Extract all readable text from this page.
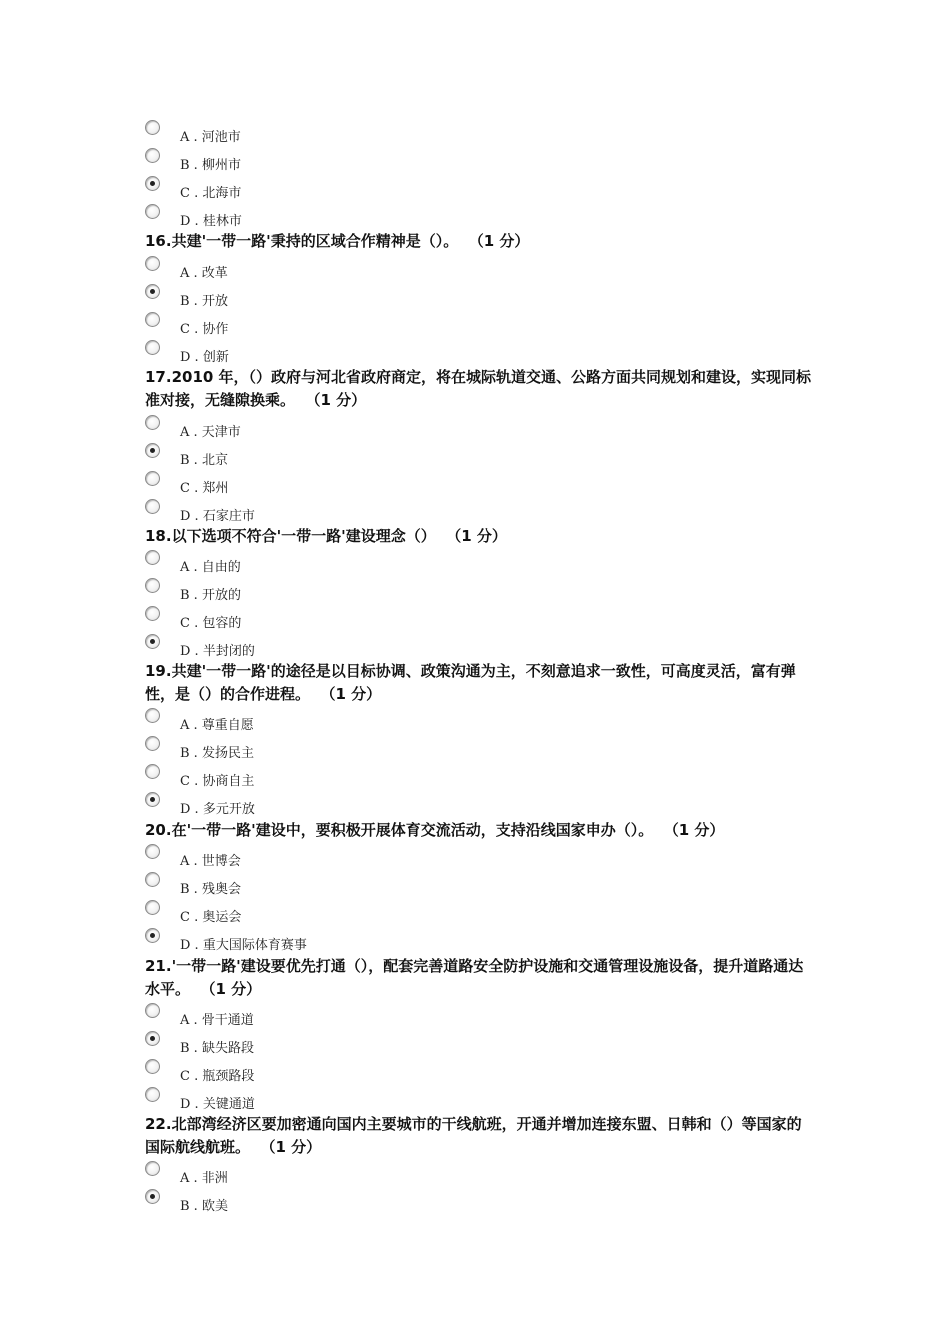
A . 河池市
B . 柳州市
C . 北海市
D . 桂林市
16.共建'一带一路'秉持的区域合作精神是（）。  （1 分）
A . 改革
B . 开放
C . 协作
D . 创新
17.2010 年，（）政府与河北省政府商定，将在城际轨道交通、公路方面共同规划和建设，实现同标准对接，无缝隙换乘。  （1 分）
A . 天津市
B . 北京
C . 郑州
D . 石家庄市
18.以下选项不符合'一带一路'建设理念（）  （1 分）
A . 自由的
B . 开放的
C . 包容的
D . 半封闭的
19.共建'一带一路'的途径是以目标协调、政策沟通为主，不刻意追求一致性，可高度灵活，富有弹性，是（）的合作进程。  （1 分）
A . 尊重自愿
B . 发扬民主
C . 协商自主
D . 多元开放
20.在'一带一路'建设中，要积极开展体育交流活动，支持沿线国家申办（）。  （1 分）
A . 世博会
B . 残奥会
C . 奥运会
D . 重大国际体育赛事
21.'一带一路'建设要优先打通（），配套完善道路安全防护设施和交通管理设施设备，提升道路通达水平。  （1 分）
A . 骨干通道
B . 缺失路段
C . 瓶颈路段
D . 关键通道
22.北部湾经济区要加密通向国内主要城市的干线航班，开通并增加连接东盟、日韩和（）等国家的国际航线航班。  （1 分）
A . 非洲
B . 欧美
